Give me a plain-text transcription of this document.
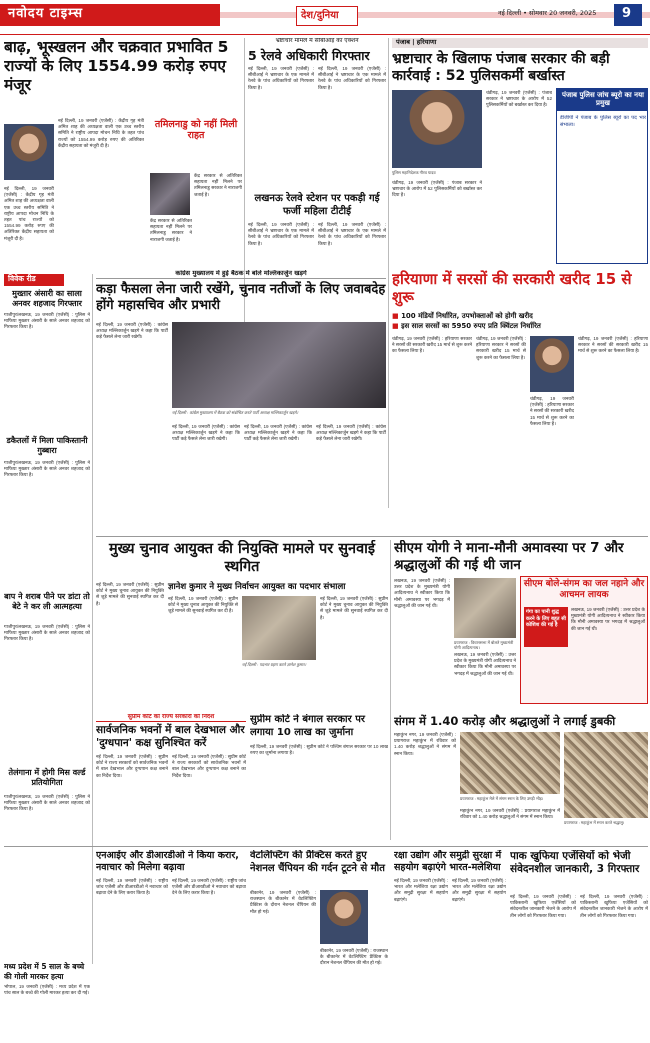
नवोदय टाइम्स	देश/दुनिया	नई दिल्ली • सोमवार 20 जनवरी, 2025 9
बाढ़, भूस्खलन और चक्रवात प्रभावित 5 राज्यों के लिए 1554.99 करोड़ रुपए मंजूर
नई दिल्ली, 19 जनवरी (एजेंसी) : केंद्रीय गृह मंत्री अमित शाह की अध्यक्षता वाली एक उच्च स्तरीय समिति ने राष्ट्रीय आपदा मोचन निधि के तहत पांच राज्यों को 1554.99 करोड़ रुपए की अतिरिक्त केंद्रीय सहायता को मंजूरी दी है।
नई दिल्ली, 19 जनवरी (एजेंसी) : केंद्रीय गृह मंत्री अमित शाह की अध्यक्षता वाली एक उच्च स्तरीय समिति ने राष्ट्रीय आपदा मोचन निधि के तहत पांच राज्यों को 1554.99 करोड़ रुपए की अतिरिक्त केंद्रीय सहायता को मंजूरी दी है।
तमिलनाडु को नहीं मिली राहत
केंद्र सरकार से अतिरिक्त सहायता नहीं मिलने पर तमिलनाडु सरकार ने नाराजगी जताई है।
केंद्र सरकार से अतिरिक्त सहायता नहीं मिलने पर तमिलनाडु सरकार ने नाराजगी जताई है।
भ्रष्टाचार मामले में सीबीआई का एक्शन
5 रेलवे अधिकारी गिरफ्तार
नई दिल्ली, 19 जनवरी (एजेंसी) : सीबीआई ने भ्रष्टाचार के एक मामले में रेलवे के पांच अधिकारियों को गिरफ्तार किया है।
नई दिल्ली, 19 जनवरी (एजेंसी) : सीबीआई ने भ्रष्टाचार के एक मामले में रेलवे के पांच अधिकारियों को गिरफ्तार किया है।
लखनऊ रेलवे स्टेशन पर पकड़ी गई फर्जी महिला टीटीई
नई दिल्ली, 19 जनवरी (एजेंसी) : सीबीआई ने भ्रष्टाचार के एक मामले में रेलवे के पांच अधिकारियों को गिरफ्तार किया है।
नई दिल्ली, 19 जनवरी (एजेंसी) : सीबीआई ने भ्रष्टाचार के एक मामले में रेलवे के पांच अधिकारियों को गिरफ्तार किया है।
पंजाब | हरियाणा
भ्रष्टाचार के खिलाफ पंजाब सरकार की बड़ी कार्रवाई : 52 पुलिसकर्मी बर्खास्त
पुलिस महानिदेशक गौरव यादव
चंडीगढ़, 19 जनवरी (एजेंसी) : पंजाब सरकार ने भ्रष्टाचार के आरोप में 52 पुलिसकर्मियों को बर्खास्त कर दिया है।
चंडीगढ़, 19 जनवरी (एजेंसी) : पंजाब सरकार ने भ्रष्टाचार के आरोप में 52 पुलिसकर्मियों को बर्खास्त कर दिया है।
पंजाब पुलिस जांच ब्यूरो का नया प्रमुख
डीजीपी ने पंजाब के पुलिस ब्यूरो का पद भार संभाला।
विवेक रीड
मुख्तार अंसारी का साला अनवर शहजाद गिरफ्तार
गाजीपुर/लखनऊ, 19 जनवरी (एजेंसी) : पुलिस ने माफिया मुख्तार अंसारी के साले अनवर शहजाद को गिरफ्तार किया है।
डकैतलों में मिला पाकिस्तानी गुब्बारा
गाजीपुर/लखनऊ, 19 जनवरी (एजेंसी) : पुलिस ने माफिया मुख्तार अंसारी के साले अनवर शहजाद को गिरफ्तार किया है।
बाप ने शराब पीने पर डांटा तो बेटे ने कर ली आत्महत्या
गाजीपुर/लखनऊ, 19 जनवरी (एजेंसी) : पुलिस ने माफिया मुख्तार अंसारी के साले अनवर शहजाद को गिरफ्तार किया है।
तेलंगाना में होगी मिस वर्ल्ड प्रतियोगिता
गाजीपुर/लखनऊ, 19 जनवरी (एजेंसी) : पुलिस ने माफिया मुख्तार अंसारी के साले अनवर शहजाद को गिरफ्तार किया है।
कांग्रेस मुख्यालय में हुई बैठक में बोले मल्लिकार्जुन खड़गे
कड़ा फैसला लेना जारी रखेंगे, चुनाव नतीजों के लिए जवाबदेह होंगे महासचिव और प्रभारी
नई दिल्ली, 19 जनवरी (एजेंसी) : कांग्रेस अध्यक्ष मल्लिकार्जुन खड़गे ने कहा कि पार्टी कड़े फैसले लेना जारी रखेगी।
नई दिल्ली : कांग्रेस मुख्यालय में बैठक को संबोधित करते पार्टी अध्यक्ष मल्लिकार्जुन खड़गे।
नई दिल्ली, 19 जनवरी (एजेंसी) : कांग्रेस अध्यक्ष मल्लिकार्जुन खड़गे ने कहा कि पार्टी कड़े फैसले लेना जारी रखेगी।
नई दिल्ली, 19 जनवरी (एजेंसी) : कांग्रेस अध्यक्ष मल्लिकार्जुन खड़गे ने कहा कि पार्टी कड़े फैसले लेना जारी रखेगी।
नई दिल्ली, 19 जनवरी (एजेंसी) : कांग्रेस अध्यक्ष मल्लिकार्जुन खड़गे ने कहा कि पार्टी कड़े फैसले लेना जारी रखेगी।
हरियाणा में सरसों की सरकारी खरीद 15 से शुरू
■ 100 मंडियों निर्धारित, उपभोक्ताओं को होगी खरीद
■ इस साल सरसों का 5950 रुपए प्रति क्विंटल निर्धारित
चंडीगढ़, 19 जनवरी (एजेंसी) : हरियाणा सरकार ने सरसों की सरकारी खरीद 15 मार्च से शुरू करने का फैसला लिया है।
चंडीगढ़, 19 जनवरी (एजेंसी) : हरियाणा सरकार ने सरसों की सरकारी खरीद 15 मार्च से शुरू करने का फैसला लिया है।
चंडीगढ़, 19 जनवरी (एजेंसी) : हरियाणा सरकार ने सरसों की सरकारी खरीद 15 मार्च से शुरू करने का फैसला लिया है।
चंडीगढ़, 19 जनवरी (एजेंसी) : हरियाणा सरकार ने सरसों की सरकारी खरीद 15 मार्च से शुरू करने का फैसला लिया है।
मुख्य चुनाव आयुक्त की नियुक्ति मामले पर सुनवाई स्थगित
नई दिल्ली, 19 जनवरी (एजेंसी) : सुप्रीम कोर्ट ने मुख्य चुनाव आयुक्त की नियुक्ति से जुड़े मामले की सुनवाई स्थगित कर दी है।
ज्ञानेश कुमार ने मुख्य निर्वाचन आयुक्त का पदभार संभाला
नई दिल्ली, 19 जनवरी (एजेंसी) : सुप्रीम कोर्ट ने मुख्य चुनाव आयुक्त की नियुक्ति से जुड़े मामले की सुनवाई स्थगित कर दी है।
नई दिल्ली : पदभार ग्रहण करते ज्ञानेश कुमार।
नई दिल्ली, 19 जनवरी (एजेंसी) : सुप्रीम कोर्ट ने मुख्य चुनाव आयुक्त की नियुक्ति से जुड़े मामले की सुनवाई स्थगित कर दी है।
सीएम योगी ने माना-मौनी अमावस्या पर 7 और श्रद्धालुओं की गई थी जान
लखनऊ, 19 जनवरी (एजेंसी) : उत्तर प्रदेश के मुख्यमंत्री योगी आदित्यनाथ ने स्वीकार किया कि मौनी अमावस्या पर भगदड़ में श्रद्धालुओं की जान गई थी।
प्रयागराज : विधानसभा में बोलते मुख्यमंत्री योगी आदित्यनाथ।
लखनऊ, 19 जनवरी (एजेंसी) : उत्तर प्रदेश के मुख्यमंत्री योगी आदित्यनाथ ने स्वीकार किया कि मौनी अमावस्या पर भगदड़ में श्रद्धालुओं की जान गई थी।
सीएम बोले-संगम का जल नहाने और आचमन लायक
गंगा का पानी शुद्ध करने के लिए बहुत सी कोशिश की गई है
लखनऊ, 19 जनवरी (एजेंसी) : उत्तर प्रदेश के मुख्यमंत्री योगी आदित्यनाथ ने स्वीकार किया कि मौनी अमावस्या पर भगदड़ में श्रद्धालुओं की जान गई थी।
संगम में 1.40 करोड़ और श्रद्धालुओं ने लगाई डुबकी
महाकुंभ नगर, 19 जनवरी (एजेंसी) : प्रयागराज महाकुंभ में रविवार को 1.40 करोड़ श्रद्धालुओं ने संगम में स्नान किया।
प्रयागराज : महाकुंभ मेले में संगम स्नान के लिए उमड़ी भीड़।
महाकुंभ नगर, 19 जनवरी (एजेंसी) : प्रयागराज महाकुंभ में रविवार को 1.40 करोड़ श्रद्धालुओं ने संगम में स्नान किया।
प्रयागराज : महाकुंभ में स्नान करते श्रद्धालु।
सुप्रीम कोर्ट का राज्य सरकारों को निर्देश
सार्वजनिक भवनों में बाल देखभाल और 'दुग्धपान' कक्ष सुनिश्चित करें
नई दिल्ली, 19 जनवरी (एजेंसी) : सुप्रीम कोर्ट ने राज्य सरकारों को सार्वजनिक भवनों में बाल देखभाल और दुग्धपान कक्ष बनाने का निर्देश दिया।
नई दिल्ली, 19 जनवरी (एजेंसी) : सुप्रीम कोर्ट ने राज्य सरकारों को सार्वजनिक भवनों में बाल देखभाल और दुग्धपान कक्ष बनाने का निर्देश दिया।
सुप्रीम कोर्ट ने बंगाल सरकार पर लगाया 10 लाख का जुर्माना
नई दिल्ली, 19 जनवरी (एजेंसी) : सुप्रीम कोर्ट ने पश्चिम बंगाल सरकार पर 10 लाख रुपए का जुर्माना लगाया है।
मध्य प्रदेश में 5 साल के बच्चे की गोली मारकर हत्या
भोपाल, 19 जनवरी (एजेंसी) : मध्य प्रदेश में एक पांच साल के बच्चे की गोली मारकर हत्या कर दी गई।
एनआईए और डीआरडीओ ने किया करार, नवाचार को मिलेगा बढ़ावा
नई दिल्ली, 19 जनवरी (एजेंसी) : राष्ट्रीय जांच एजेंसी और डीआरडीओ ने नवाचार को बढ़ावा देने के लिए करार किया है।
नई दिल्ली, 19 जनवरी (एजेंसी) : राष्ट्रीय जांच एजेंसी और डीआरडीओ ने नवाचार को बढ़ावा देने के लिए करार किया है।
वेटलिफ्टिंग की प्रैक्टिस करते हुए नेशनल चैंपियन की गर्दन टूटने से मौत
बीकानेर, 19 जनवरी (एजेंसी) : राजस्थान के बीकानेर में वेटलिफ्टिंग प्रैक्टिस के दौरान नेशनल चैंपियन की मौत हो गई।
बीकानेर, 19 जनवरी (एजेंसी) : राजस्थान के बीकानेर में वेटलिफ्टिंग प्रैक्टिस के दौरान नेशनल चैंपियन की मौत हो गई।
रक्षा उद्योग और समुद्री सुरक्षा में सहयोग बढ़ाएंगे भारत-मलेशिया
नई दिल्ली, 19 जनवरी (एजेंसी) : भारत और मलेशिया रक्षा उद्योग और समुद्री सुरक्षा में सहयोग बढ़ाएंगे।
नई दिल्ली, 19 जनवरी (एजेंसी) : भारत और मलेशिया रक्षा उद्योग और समुद्री सुरक्षा में सहयोग बढ़ाएंगे।
पाक खुफिया एजेंसियों को भेजी संवेदनशील जानकारी, 3 गिरफ्तार
नई दिल्ली, 19 जनवरी (एजेंसी) : पाकिस्तानी खुफिया एजेंसियों को संवेदनशील जानकारी भेजने के आरोप में तीन लोगों को गिरफ्तार किया गया।
नई दिल्ली, 19 जनवरी (एजेंसी) : पाकिस्तानी खुफिया एजेंसियों को संवेदनशील जानकारी भेजने के आरोप में तीन लोगों को गिरफ्तार किया गया।
